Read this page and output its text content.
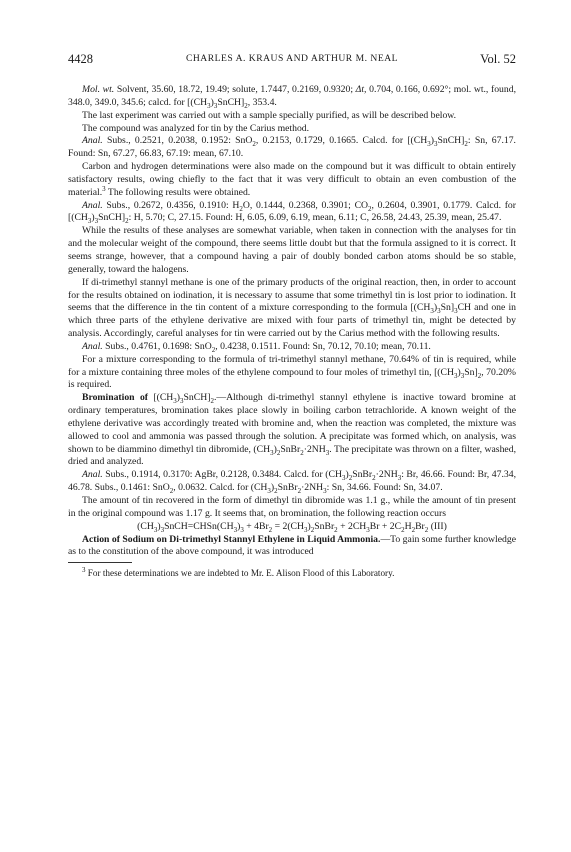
4428	CHARLES A. KRAUS AND ARTHUR M. NEAL	Vol. 52

Mol. wt. Solvent, 35.60, 18.72, 19.49; solute, 1.7447, 0.2169, 0.9320; Δt, 0.704, 0.166, 0.692°; mol. wt., found, 348.0, 349.0, 345.6; calcd. for $[(CH_3)_3SnCH]_2$, 353.4.

The last experiment was carried out with a sample specially purified, as will be described below.

The compound was analyzed for tin by the Carius method.

Anal. Subs., 0.2521, 0.2038, 0.1952: SnO$_2$, 0.2153, 0.1729, 0.1665. Calcd. for $[(CH_3)_3SnCH]_2$: Sn, 67.17. Found: Sn, 67.27, 66.83, 67.19: mean, 67.10.

Carbon and hydrogen determinations were also made on the compound but it was difficult to obtain entirely satisfactory results, owing chiefly to the fact that it was very difficult to obtain an even combustion of the material.$^3$ The following results were obtained.

Anal. Subs., 0.2672, 0.4356, 0.1910: $H_2O$, 0.1444, 0.2368, 0.3901; $CO_2$, 0.2604, 0.3901, 0.1779. Calcd. for $[(CH_3)_3SnCH]_2$: H, 5.70; C, 27.15. Found: H, 6.05, 6.09, 6.19, mean, 6.11; C, 26.58, 24.43, 25.39, mean, 25.47.

While the results of these analyses are somewhat variable, when taken in connection with the analyses for tin and the molecular weight of the compound, there seems little doubt but that the formula assigned to it is correct. It seems strange, however, that a compound having a pair of doubly bonded carbon atoms should be so stable, generally, toward the halogens.

If di-trimethyl stannyl methane is one of the primary products of the original reaction, then, in order to account for the results obtained on iodination, it is necessary to assume that some trimethyl tin is lost prior to iodination. It seems that the difference in the tin content of a mixture corresponding to the formula $[(CH_3)_3Sn]_3CH$ and one in which three parts of the ethylene derivative are mixed with four parts of trimethyl tin, might be detected by analysis. Accordingly, careful analyses for tin were carried out by the Carius method with the following results.

Anal. Subs., 0.4761, 0.1698: SnO$_2$, 0.4238, 0.1511. Found: Sn, 70.12, 70.10; mean, 70.11.

For a mixture corresponding to the formula of tri-trimethyl stannyl methane, 70.64% of tin is required, while for a mixture containing three moles of the ethylene compound to four moles of trimethyl tin, $[(CH_3)_3Sn]_2$, 70.20% is required.

Bromination of $[(CH_3)_3SnCH]_2.—Although$ di-trimethyl stannyl ethylene is inactive toward bromine at ordinary temperatures, bromination takes place slowly in boiling carbon tetrachloride. A known weight of the ethylene derivative was accordingly treated with bromine and, when the reaction was completed, the mixture was allowed to cool and ammonia was passed through the solution. A precipitate was formed which, on analysis, was shown to be diammino dimethyl tin dibromide, $(CH_3)_2SnBr_2\cdot 2NH_3$. The precipitate was thrown on a filter, washed, dried and analyzed.

Anal. Subs., 0.1914, 0.3170: AgBr, 0.2128, 0.3484. Calcd. for $(CH_3)_2SnBr_2\cdot 2NH_3$: Br, 46.66. Found: Br, 47.34, 46.78. Subs., 0.1461: SnO$_2$, 0.0632. Calcd. for $(CH_3)_2SnBr_2\cdot 2NH_3$: Sn, 34.66. Found: Sn, 34.07.

The amount of tin recovered in the form of dimethyl tin dibromide was 1.1 g., while the amount of tin present in the original compound was 1.17 g. It seems that, on bromination, the following reaction occurs

$(CH_3)_3SnCH=CHSn(CH_3)_3 + 4Br_2$ = $2(CH_3)_2SnBr_2 + 2CH_3Br + 2C_2H_2Br_2$ (III)

Action of Sodium on Di-trimethyl Stannyl Ethylene in Liquid Ammonia.—To gain some further knowledge as to the constitution of the above compound, it was introduced

$^3$ For these determinations we are indebted to Mr. E. Alison Flood of this Laboratory.
